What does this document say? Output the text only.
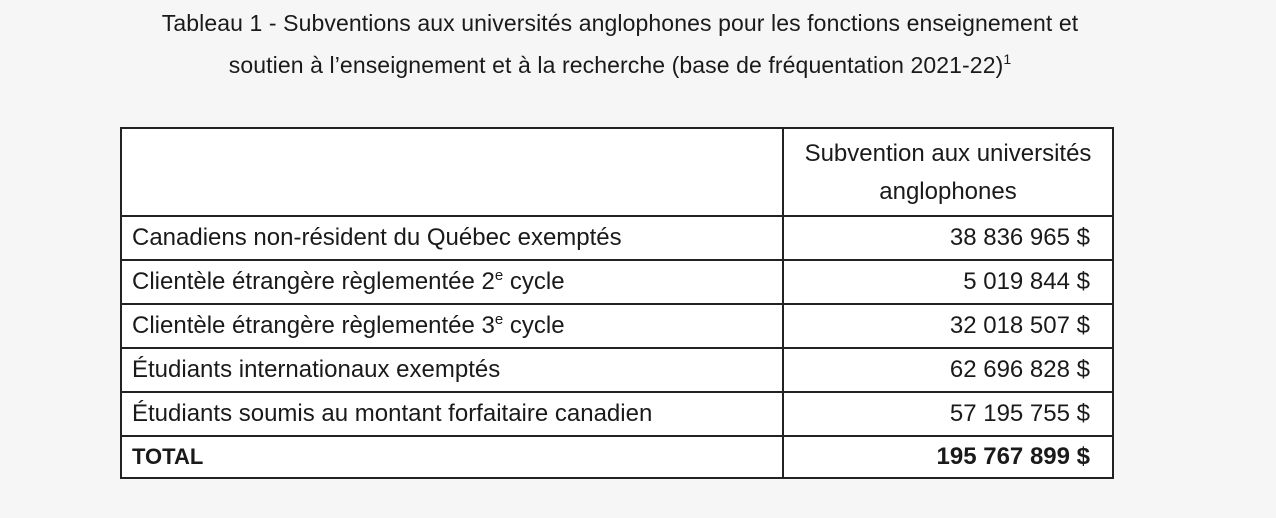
Tableau 1 - Subventions aux universités anglophones pour les fonctions enseignement et
soutien à l’enseignement et à la recherche (base de fréquentation 2021-22)$^1$

	Subvention aux universités
anglophones

Canadiens non-résident du Québec exemptés	38 836 965 $
Clientèle étrangère règlementée 2e cycle	5 019 844 $
Clientèle étrangère règlementée 3e cycle	32 018 507 $
Étudiants internationaux exemptés	62 696 828 $
Étudiants soumis au montant forfaitaire canadien	57 195 755 $
TOTAL	195 767 899 $
